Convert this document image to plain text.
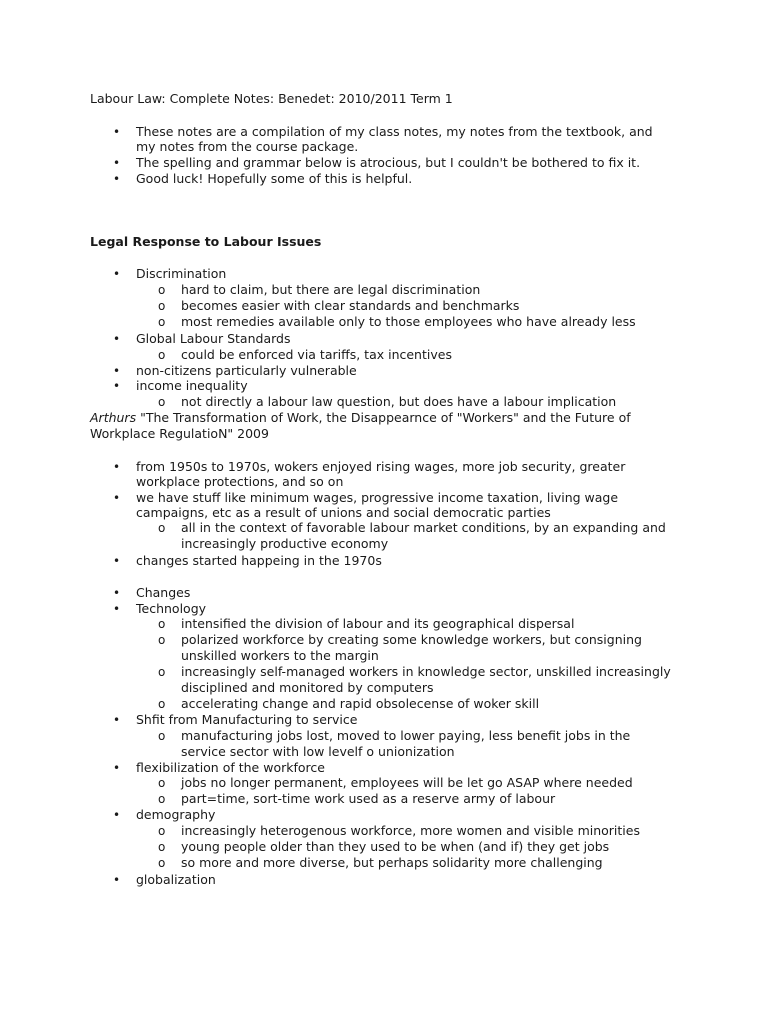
Labour Law: Complete Notes: Benedet: 2010/2011 Term 1
• These notes are a compilation of my class notes, my notes from the textbook, and
my notes from the course package.
• The spelling and grammar below is atrocious, but I couldn't be bothered to fix it.
• Good luck! Hopefully some of this is helpful.
Legal Response to Labour Issues
• Discrimination
o hard to claim, but there are legal discrimination
o becomes easier with clear standards and benchmarks
o most remedies available only to those employees who have already less
• Global Labour Standards
o could be enforced via tariffs, tax incentives
• non-citizens particularly vulnerable
• income inequality
o not directly a labour law question, but does have a labour implication
Arthurs "The Transformation of Work, the Disappearnce of "Workers" and the Future of
Workplace RegulatioN" 2009
• from 1950s to 1970s, wokers enjoyed rising wages, more job security, greater
workplace protections, and so on
• we have stuff like minimum wages, progressive income taxation, living wage
campaigns, etc as a result of unions and social democratic parties
o all in the context of favorable labour market conditions, by an expanding and
increasingly productive economy
• changes started happeing in the 1970s
• Changes
• Technology
o intensified the division of labour and its geographical dispersal
o polarized workforce by creating some knowledge workers, but consigning
unskilled workers to the margin
o increasingly self-managed workers in knowledge sector, unskilled increasingly
disciplined and monitored by computers
o accelerating change and rapid obsolecense of woker skill
• Shfit from Manufacturing to service
o manufacturing jobs lost, moved to lower paying, less benefit jobs in the
service sector with low levelf o unionization
• flexibilization of the workforce
o jobs no longer permanent, employees will be let go ASAP where needed
o part=time, sort-time work used as a reserve army of labour
• demography
o increasingly heterogenous workforce, more women and visible minorities
o young people older than they used to be when (and if) they get jobs
o so more and more diverse, but perhaps solidarity more challenging
• globalization
